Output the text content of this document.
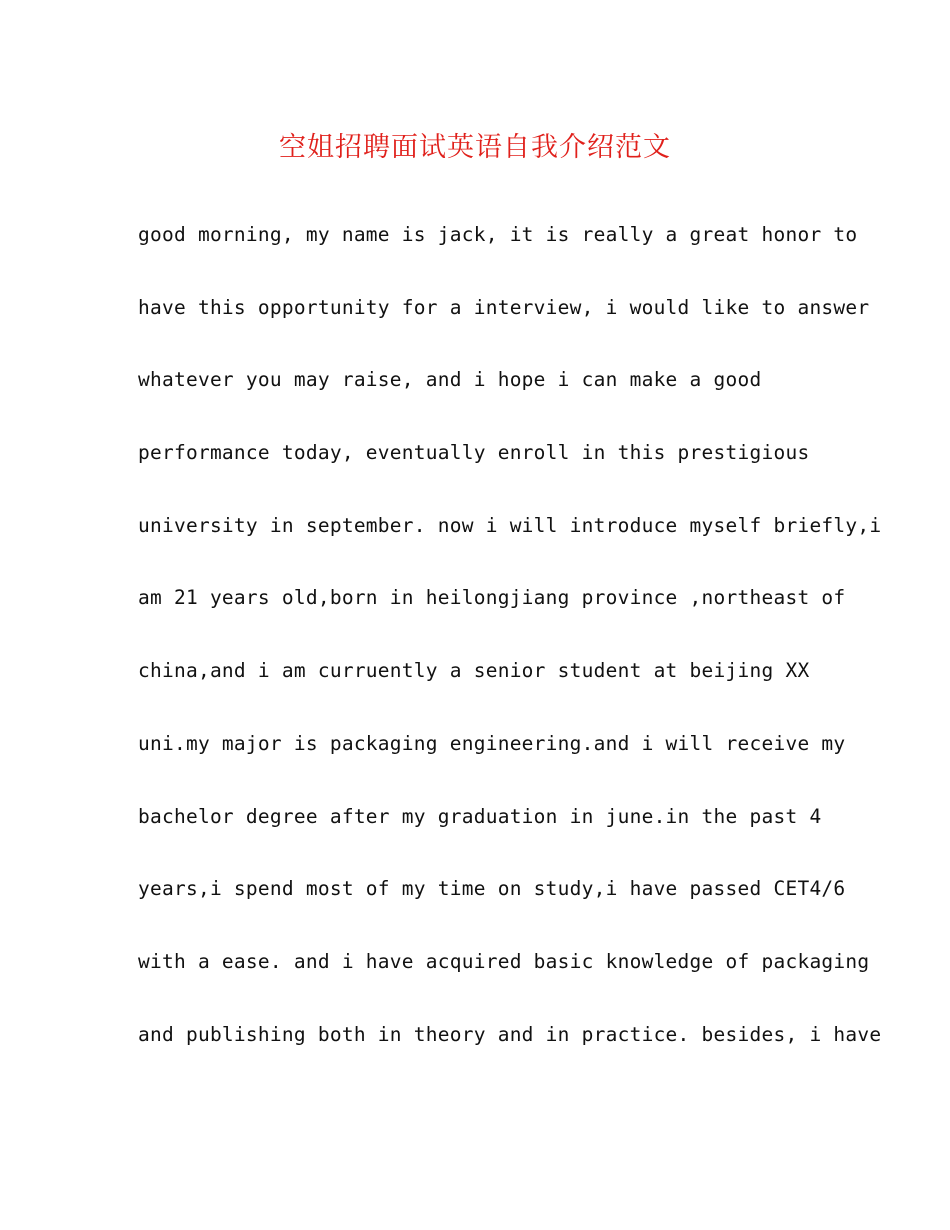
空姐招聘面试英语自我介绍范文
good morning, my name is jack, it is really a great honor to
have this opportunity for a interview, i would like to answer
whatever you may raise, and i hope i can make a good
performance today, eventually enroll in this prestigious
university in september. now i will introduce myself briefly,i
am 21 years old,born in heilongjiang province ,northeast of
china,and i am curruently a senior student at beijing XX
uni.my major is packaging engineering.and i will receive my
bachelor degree after my graduation in june.in the past 4
years,i spend most of my time on study,i have passed CET4/6
with a ease. and i have acquired basic knowledge of packaging
and publishing both in theory and in practice. besides, i have
